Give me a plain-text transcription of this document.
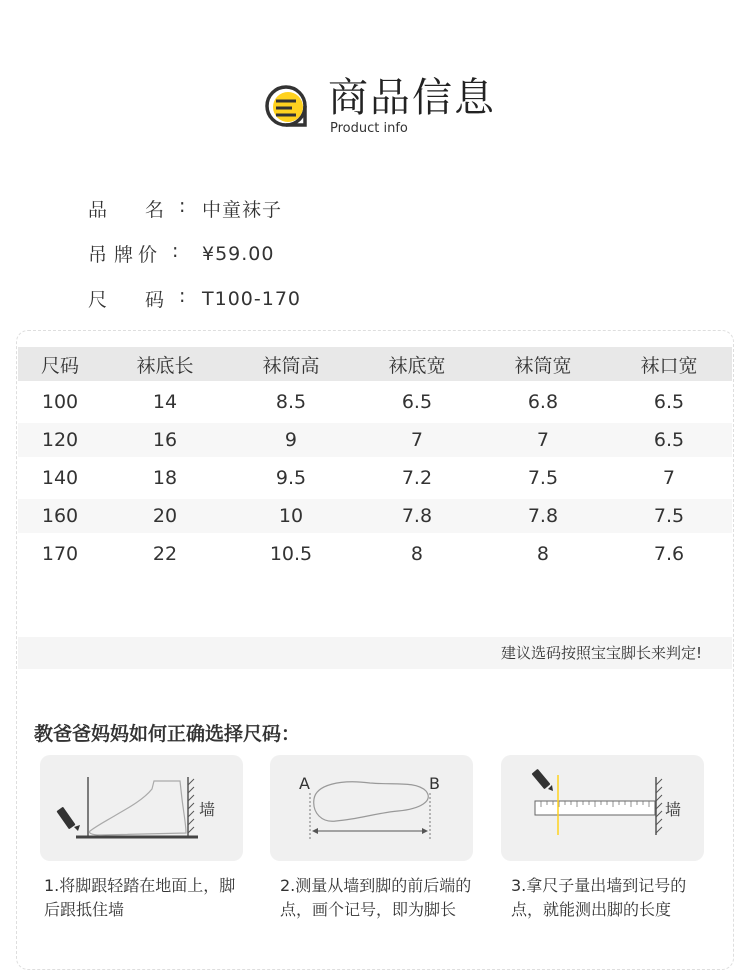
商品信息
Product info
品	名 : 中童袜子
吊 牌 价 : ¥59.00
尺	码 : T100-170
尺码	袜底长	袜筒高	袜底宽	袜筒宽	袜口宽
100	14	8.5	6.5	6.8	6.5
120	16	9	7	7	6.5
140	18	9.5	7.2	7.5	7
160	20	10	7.8	7.8	7.5
170	22	10.5	8	8	7.6
建议选码按照宝宝脚长来判定!
教爸爸妈妈如何正确选择尺码：
墙
A	B
墙
1.将脚跟轻踏在地面上，脚后跟抵住墙
2.测量从墙到脚的前后端的点，画个记号，即为脚长
3.拿尺子量出墙到记号的点，就能测出脚的长度
